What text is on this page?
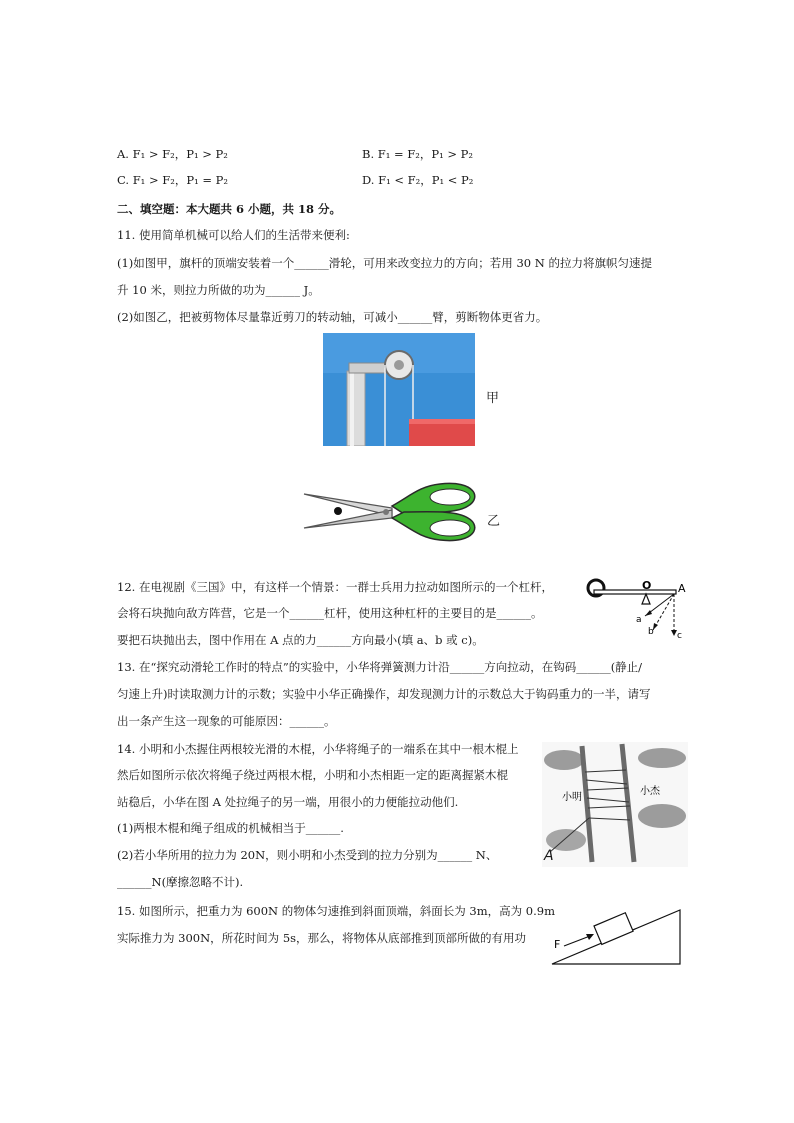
A. F₁ > F₂，P₁ > P₂	B. F₁ = F₂，P₁ > P₂
C. F₁ > F₂，P₁ = P₂	D. F₁ < F₂，P₁ < P₂
二、填空题：本大题共 6 小题，共 18 分。
11. 使用简单机械可以给人们的生活带来便利:
(1)如图甲，旗杆的顶端安装着一个______滑轮，可用来改变拉力的方向；若用 30 N 的拉力将旗帜匀速提
升 10 米，则拉力所做的功为______ J。
(2)如图乙，把被剪物体尽量靠近剪刀的转动轴，可减小______臂，剪断物体更省力。
甲
乙
12. 在电视剧《三国》中，有这样一个情景：一群士兵用力拉动如图所示的一个杠杆，
会将石块抛向敌方阵营，它是一个______杠杆，使用这种杠杆的主要目的是______。
要把石块抛出去，图中作用在 A 点的力______方向最小(填 a、b 或 c)。
O A
a
b	c
13. 在“探究动滑轮工作时的特点”的实验中，小华将弹簧测力计沿______方向拉动，在钩码______(静止/
匀速上升)时读取测力计的示数；实验中小华正确操作，却发现测力计的示数总大于钩码重力的一半，请写
出一条产生这一现象的可能原因：______。
14. 小明和小杰握住两根较光滑的木棍，小华将绳子的一端系在其中一根木棍上
然后如图所示依次将绳子绕过两根木棍，小明和小杰相距一定的距离握紧木棍
站稳后，小华在图 A 处拉绳子的另一端，用很小的力便能拉动他们.
(1)两根木棍和绳子组成的机械相当于______.
(2)若小华所用的拉力为 20N，则小明和小杰受到的拉力分别为______ N、
______N(摩擦忽略不计).
小明
小杰
A
15. 如图所示，把重力为 600N 的物体匀速推到斜面顶端，斜面长为 3m，高为 0.9m
实际推力为 300N，所花时间为 5s，那么，将物体从底部推到顶部所做的有用功	F
